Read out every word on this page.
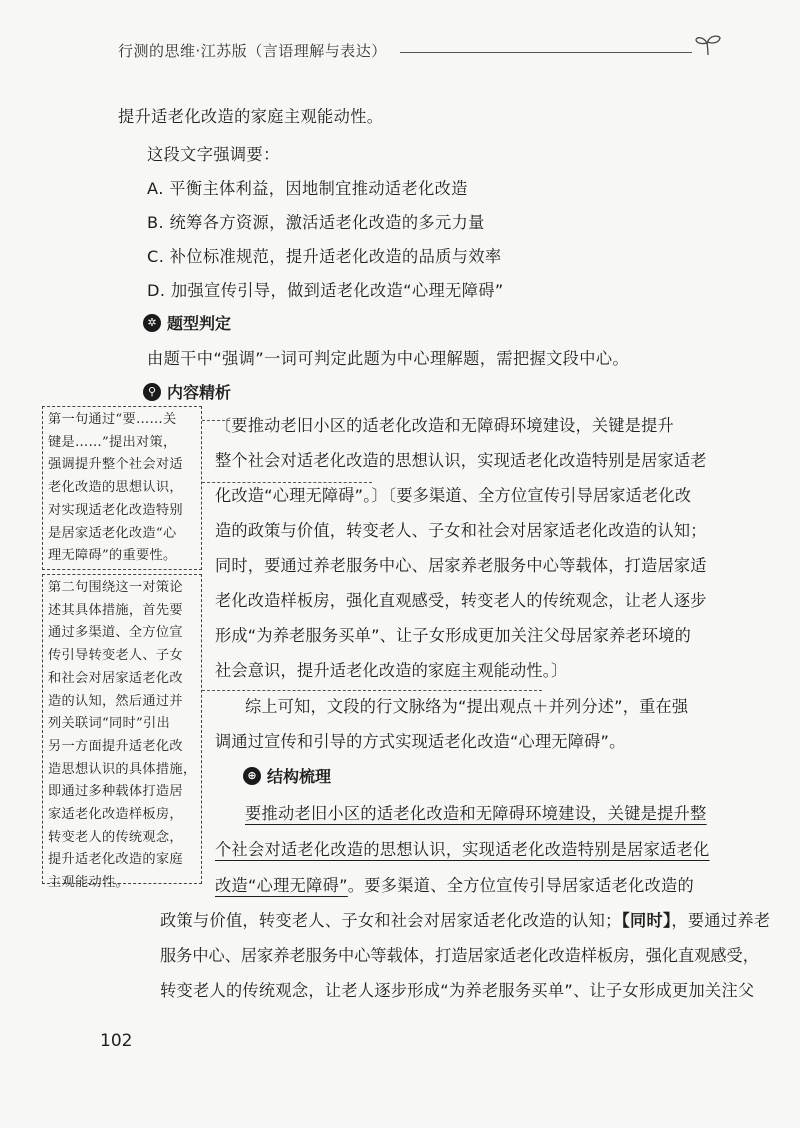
行测的思维·江苏版（言语理解与表达）
提升适老化改造的家庭主观能动性。
这段文字强调要：
A. 平衡主体利益，因地制宜推动适老化改造
B. 统筹各方资源，激活适老化改造的多元力量
C. 补位标准规范，提升适老化改造的品质与效率
D. 加强宣传引导，做到适老化改造“心理无障碍”
✲ 题型判定
由题干中“强调”一词可判定此题为中心理解题，需把握文段中心。
⚲ 内容精析
第一句通过“要……关
键是……”提出对策，
强调提升整个社会对适
老化改造的思想认识，
对实现适老化改造特别
是居家适老化改造“心
理无障碍”的重要性。
第二句围绕这一对策论
述其具体措施，首先要
通过多渠道、全方位宣
传引导转变老人、子女
和社会对居家适老化改
造的认知，然后通过并
列关联词“同时”引出
另一方面提升适老化改
造思想认识的具体措施，
即通过多种载体打造居
家适老化改造样板房，
转变老人的传统观念，
提升适老化改造的家庭
主观能动性。
〔要推动老旧小区的适老化改造和无障碍环境建设，关键是提升
整个社会对适老化改造的思想认识，实现适老化改造特别是居家适老
化改造“心理无障碍”。〕〔要多渠道、全方位宣传引导居家适老化改
造的政策与价值，转变老人、子女和社会对居家适老化改造的认知；
同时，要通过养老服务中心、居家养老服务中心等载体，打造居家适
老化改造样板房，强化直观感受，转变老人的传统观念，让老人逐步
形成“为养老服务买单”、让子女形成更加关注父母居家养老环境的
社会意识，提升适老化改造的家庭主观能动性。〕
综上可知，文段的行文脉络为“提出观点＋并列分述”，重在强
调通过宣传和引导的方式实现适老化改造“心理无障碍”。
⊕ 结构梳理
要推动老旧小区的适老化改造和无障碍环境建设，关键是提升整
个社会对适老化改造的思想认识，实现适老化改造特别是居家适老化
改造“心理无障碍”。要多渠道、全方位宣传引导居家适老化改造的
政策与价值，转变老人、子女和社会对居家适老化改造的认知；【同时】，要通过养老
服务中心、居家养老服务中心等载体，打造居家适老化改造样板房，强化直观感受，
转变老人的传统观念，让老人逐步形成“为养老服务买单”、让子女形成更加关注父
102
